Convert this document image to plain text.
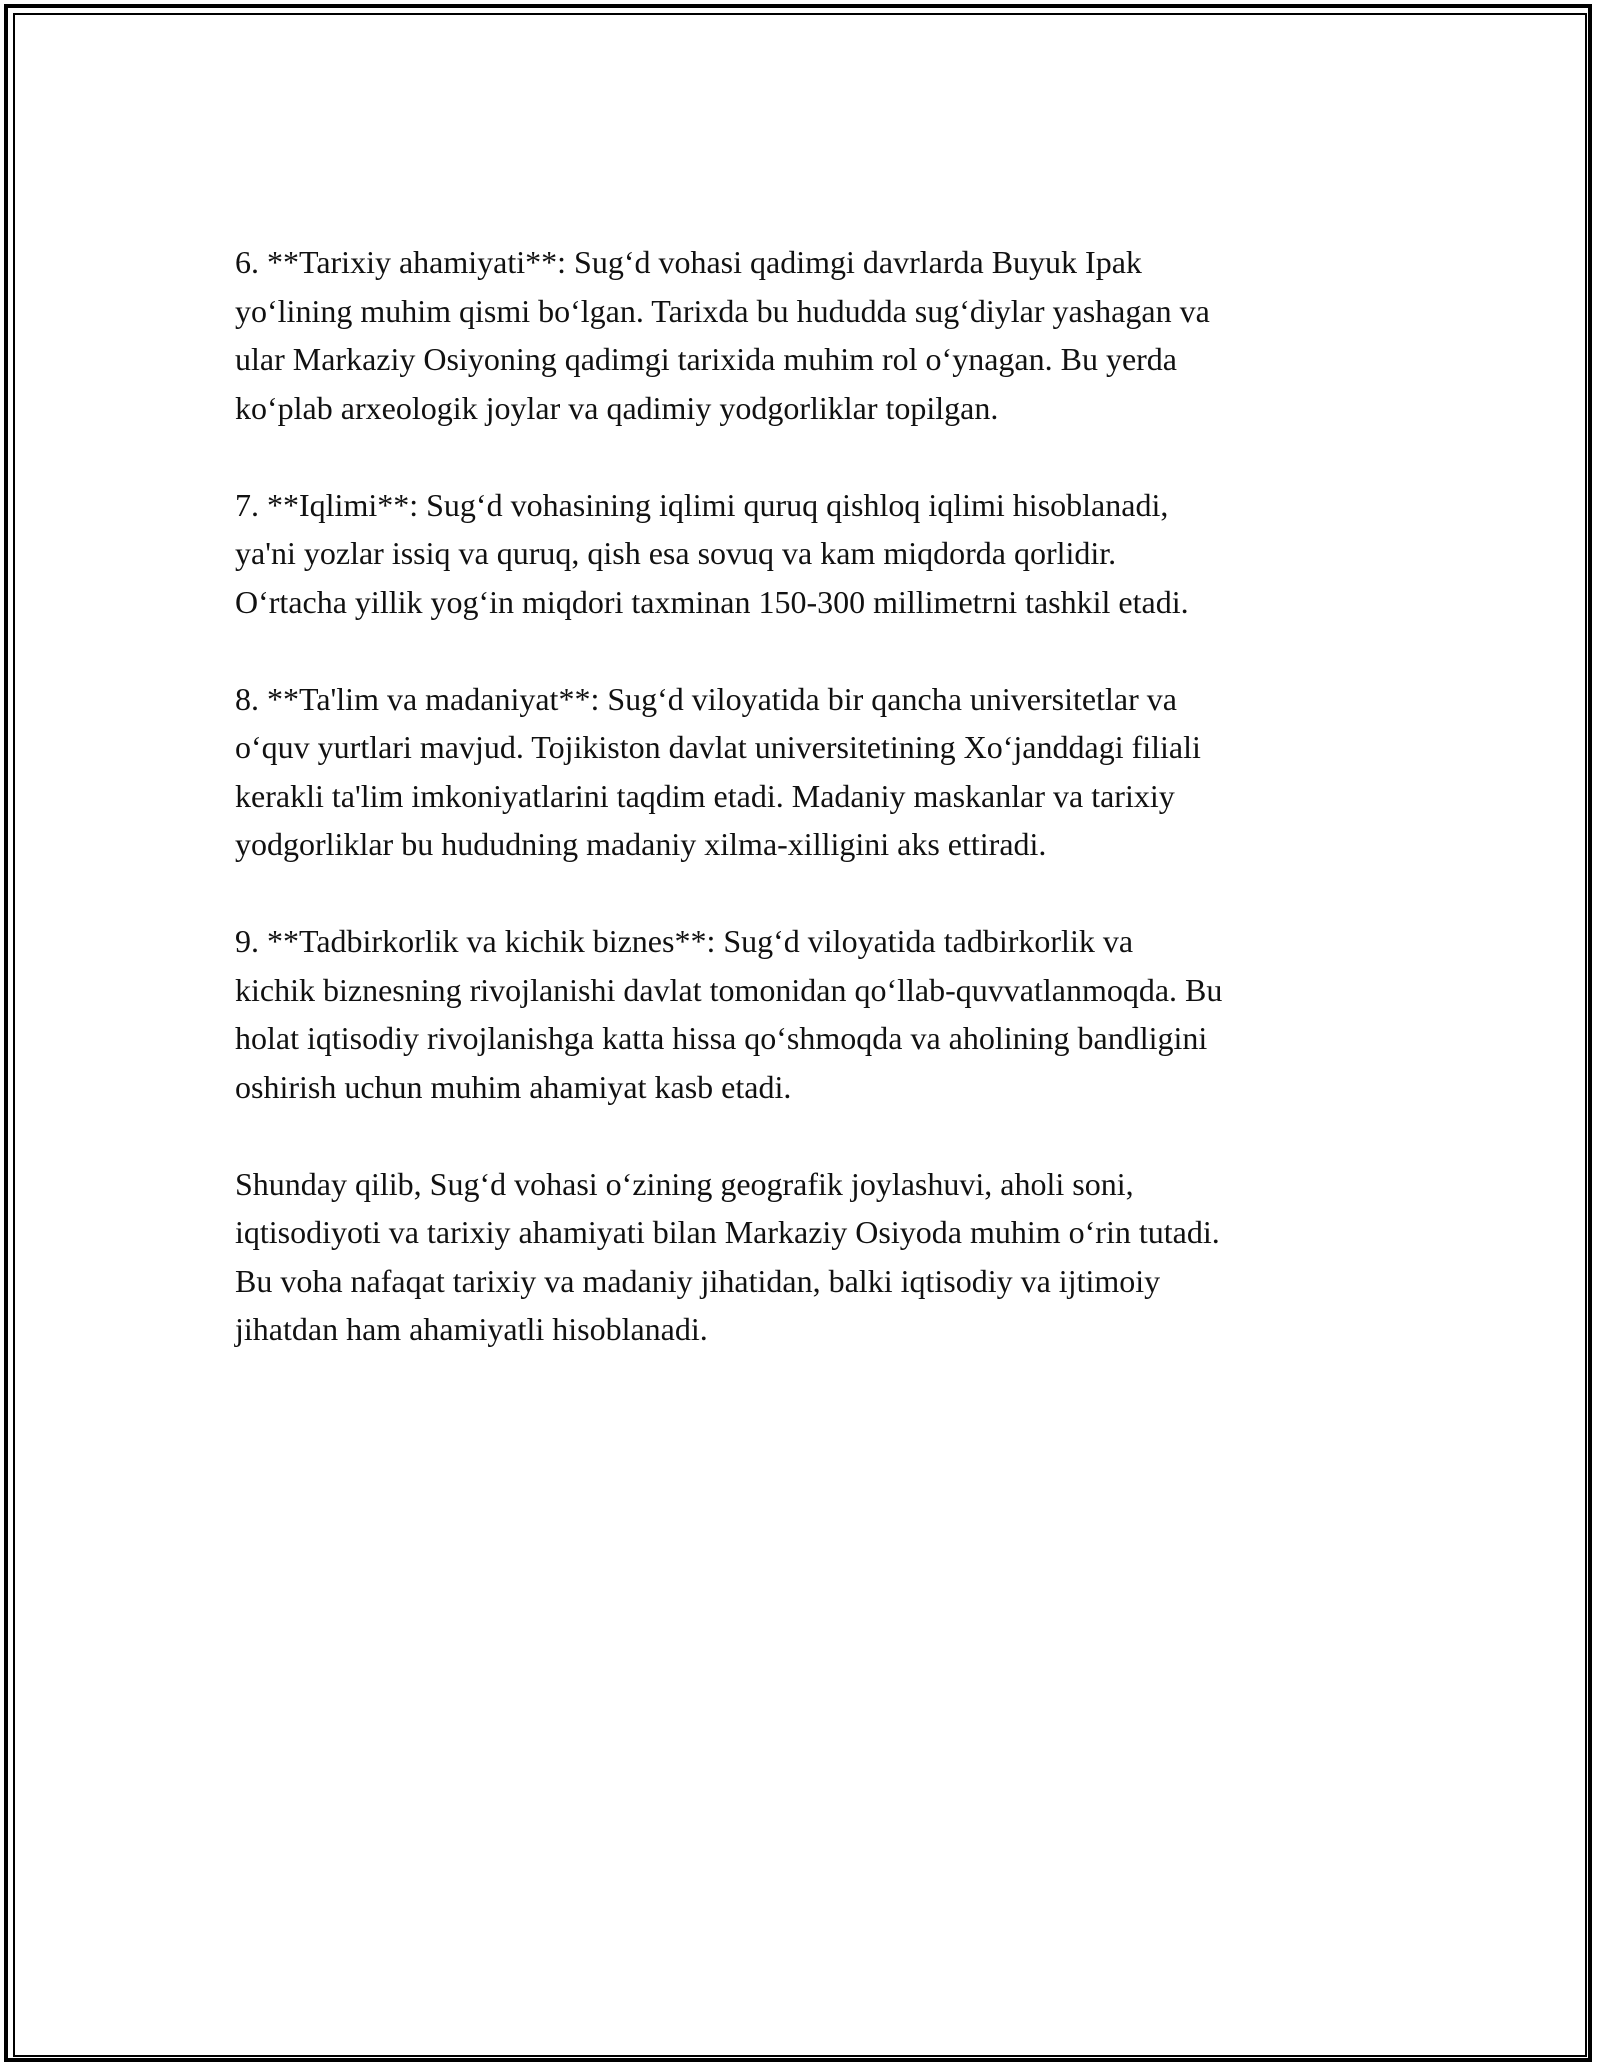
6. **Tarixiy ahamiyati**: Sug‘d vohasi qadimgi davrlarda Buyuk Ipak
yo‘lining muhim qismi bo‘lgan. Tarixda bu hududda sug‘diylar yashagan va
ular Markaziy Osiyoning qadimgi tarixida muhim rol o‘ynagan. Bu yerda
ko‘plab arxeologik joylar va qadimiy yodgorliklar topilgan.

7. **Iqlimi**: Sug‘d vohasining iqlimi quruq qishloq iqlimi hisoblanadi,
ya'ni yozlar issiq va quruq, qish esa sovuq va kam miqdorda qorlidir.
O‘rtacha yillik yog‘in miqdori taxminan 150-300 millimetrni tashkil etadi.

8. **Ta'lim va madaniyat**: Sug‘d viloyatida bir qancha universitetlar va
o‘quv yurtlari mavjud. Tojikiston davlat universitetining Xo‘janddagi filiali
kerakli ta'lim imkoniyatlarini taqdim etadi. Madaniy maskanlar va tarixiy
yodgorliklar bu hududning madaniy xilma-xilligini aks ettiradi.

9. **Tadbirkorlik va kichik biznes**: Sug‘d viloyatida tadbirkorlik va
kichik biznesning rivojlanishi davlat tomonidan qo‘llab-quvvatlanmoqda. Bu
holat iqtisodiy rivojlanishga katta hissa qo‘shmoqda va aholining bandligini
oshirish uchun muhim ahamiyat kasb etadi.

Shunday qilib, Sug‘d vohasi o‘zining geografik joylashuvi, aholi soni,
iqtisodiyoti va tarixiy ahamiyati bilan Markaziy Osiyoda muhim o‘rin tutadi.
Bu voha nafaqat tarixiy va madaniy jihatidan, balki iqtisodiy va ijtimoiy
jihatdan ham ahamiyatli hisoblanadi.
